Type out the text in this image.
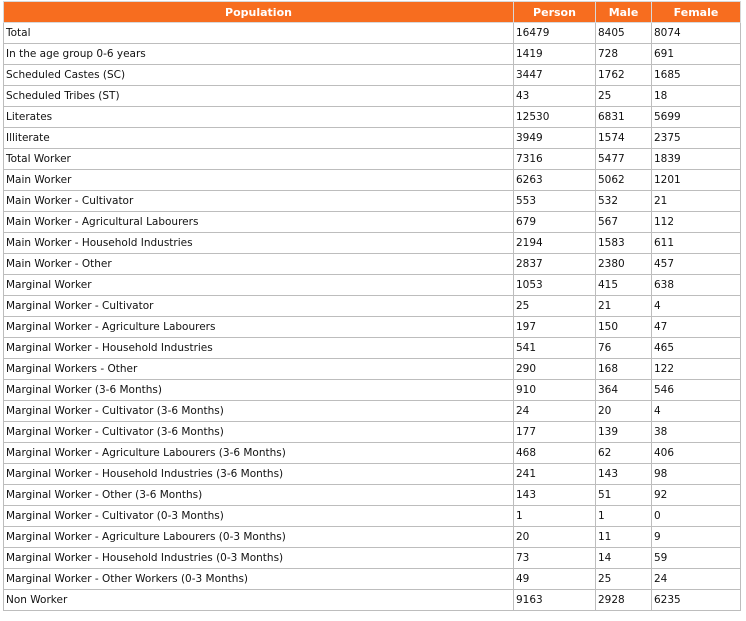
Population	Person	Male	Female
Total	16479	8405	8074
In the age group 0-6 years	1419	728	691
Scheduled Castes (SC)	3447	1762	1685
Scheduled Tribes (ST)	43	25	18
Literates	12530	6831	5699
Illiterate	3949	1574	2375
Total Worker	7316	5477	1839
Main Worker	6263	5062	1201
Main Worker - Cultivator	553	532	21
Main Worker - Agricultural Labourers	679	567	112
Main Worker - Household Industries	2194	1583	611
Main Worker - Other	2837	2380	457
Marginal Worker	1053	415	638
Marginal Worker - Cultivator	25	21	4
Marginal Worker - Agriculture Labourers	197	150	47
Marginal Worker - Household Industries	541	76	465
Marginal Workers - Other	290	168	122
Marginal Worker (3-6 Months)	910	364	546
Marginal Worker - Cultivator (3-6 Months)	24	20	4
Marginal Worker - Cultivator (3-6 Months)	177	139	38
Marginal Worker - Agriculture Labourers (3-6 Months)	468	62	406
Marginal Worker - Household Industries (3-6 Months)	241	143	98
Marginal Worker - Other (3-6 Months)	143	51	92
Marginal Worker - Cultivator (0-3 Months)	1	1	0
Marginal Worker - Agriculture Labourers (0-3 Months)	20	11	9
Marginal Worker - Household Industries (0-3 Months)	73	14	59
Marginal Worker - Other Workers (0-3 Months)	49	25	24
Non Worker	9163	2928	6235
